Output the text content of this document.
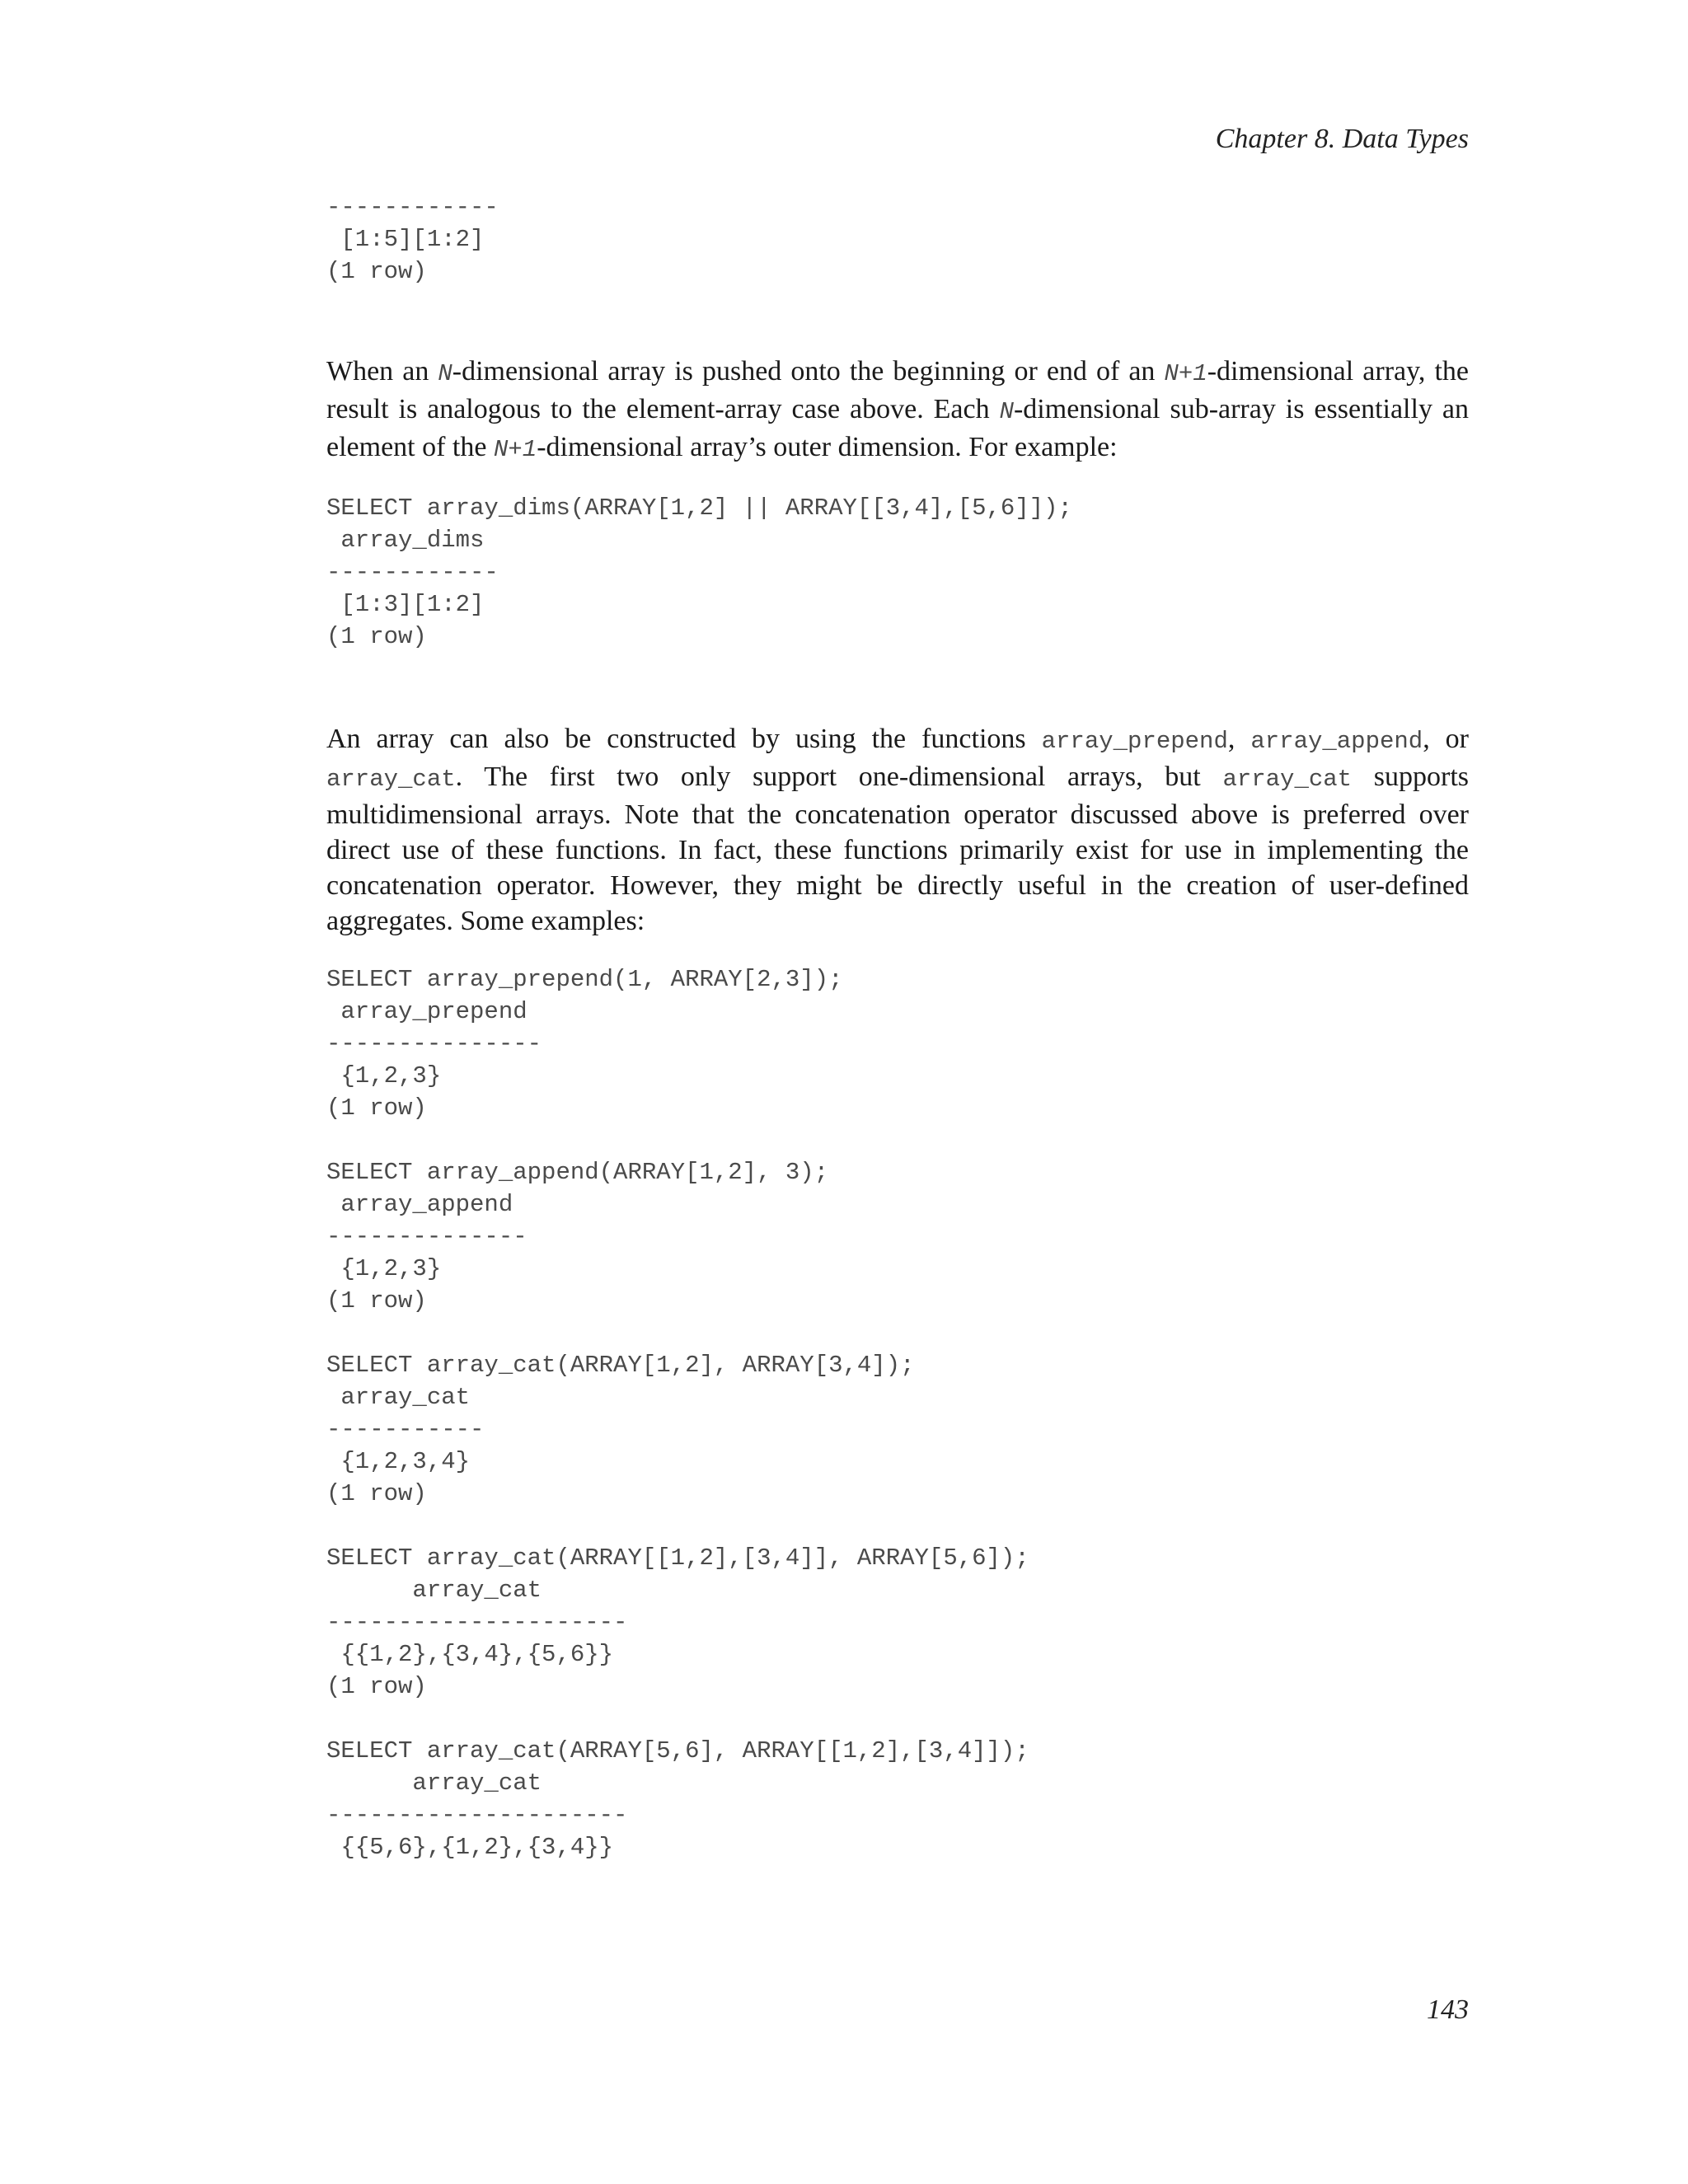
Chapter 8. Data Types
------------
[1:5][1:2]
(1 row)

When an N-dimensional array is pushed onto the beginning or end of an N+1-dimensional array, the result is analogous to the element-array case above. Each N-dimensional sub-array is essentially an element of the N+1-dimensional array’s outer dimension. For example:

SELECT array_dims(ARRAY[1,2] || ARRAY[[3,4],[5,6]]);
array_dims
------------
[1:3][1:2]
(1 row)

An array can also be constructed by using the functions array_prepend, array_append, or array_cat. The first two only support one-dimensional arrays, but array_cat supports multidimensional arrays. Note that the concatenation operator discussed above is preferred over direct use of these functions. In fact, these functions primarily exist for use in implementing the concatenation operator. However, they might be directly useful in the creation of user-defined aggregates. Some examples:

SELECT array_prepend(1, ARRAY[2,3]);
array_prepend
---------------
{1,2,3}
(1 row)
SELECT array_append(ARRAY[1,2], 3);
array_append
--------------
{1,2,3}
(1 row)
SELECT array_cat(ARRAY[1,2], ARRAY[3,4]);
array_cat
-----------
{1,2,3,4}
(1 row)
SELECT array_cat(ARRAY[[1,2],[3,4]], ARRAY[5,6]);
array_cat
---------------------
{{1,2},{3,4},{5,6}}
(1 row)
SELECT array_cat(ARRAY[5,6], ARRAY[[1,2],[3,4]]);
array_cat
---------------------
{{5,6},{1,2},{3,4}}
143
